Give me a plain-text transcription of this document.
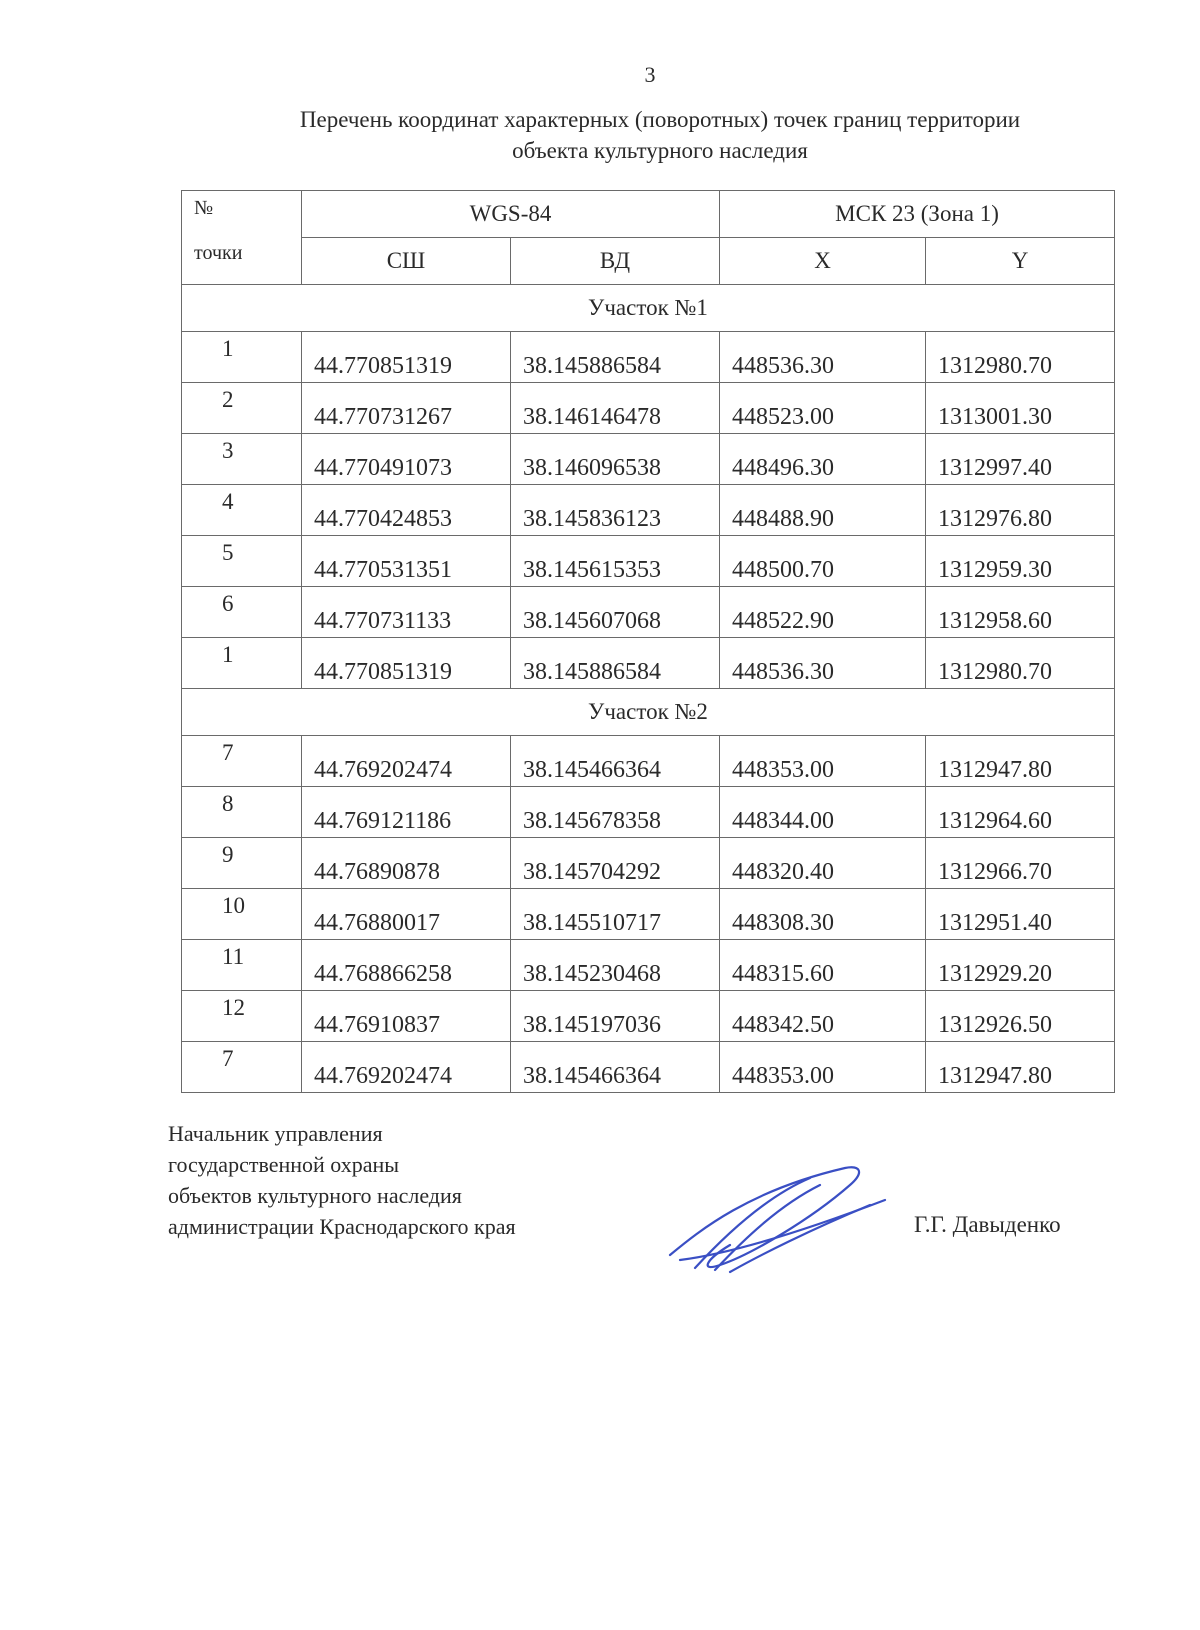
3
Перечень координат характерных (поворотных) точек границ территории
объекта культурного наследия
№
точки	WGS-84		МСК 23 (Зона 1)	
	СШ	ВД	X	Y
Участок №1				
1	44.770851319	38.145886584	448536.30	1312980.70
2	44.770731267	38.146146478	448523.00	1313001.30
3	44.770491073	38.146096538	448496.30	1312997.40
4	44.770424853	38.145836123	448488.90	1312976.80
5	44.770531351	38.145615353	448500.70	1312959.30
6	44.770731133	38.145607068	448522.90	1312958.60
1	44.770851319	38.145886584	448536.30	1312980.70
Участок №2				
7	44.769202474	38.145466364	448353.00	1312947.80
8	44.769121186	38.145678358	448344.00	1312964.60
9	44.76890878	38.145704292	448320.40	1312966.70
10	44.76880017	38.145510717	448308.30	1312951.40
11	44.768866258	38.145230468	448315.60	1312929.20
12	44.76910837	38.145197036	448342.50	1312926.50
7	44.769202474	38.145466364	448353.00	1312947.80
Начальник управления
государственной охраны
объектов культурного наследия
администрации Краснодарского края	Г.Г. Давыденко
